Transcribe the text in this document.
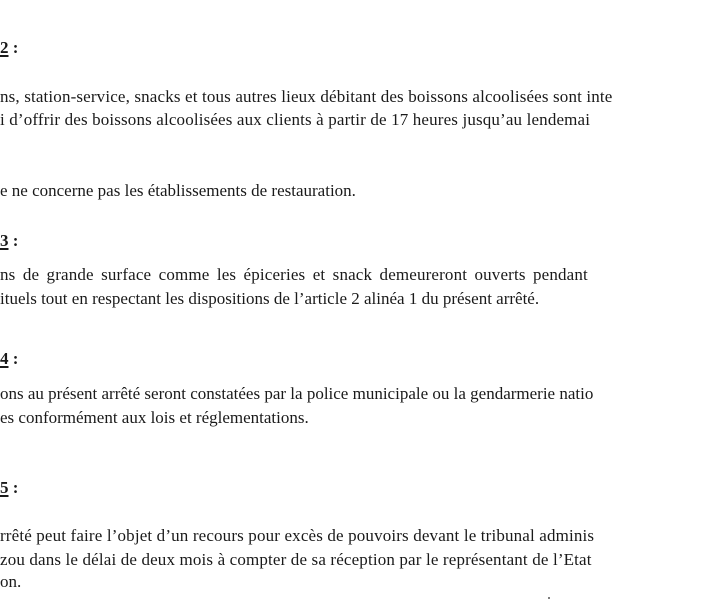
2 :
ns, station-service, snacks et tous autres lieux débitant des boissons alcoolisées sont inte
i d’offrir des boissons alcoolisées aux clients à partir de 17 heures jusqu’au lendemai
e ne concerne pas les établissements de restauration.
3 :
ns de grande surface comme les épiceries et snack demeureront ouverts pendant
ituels tout en respectant les dispositions de l’article 2 alinéa 1 du présent arrêté.
4 :
ons au présent arrêté seront constatées par la police municipale ou la gendarmerie natio
es conformément aux lois et réglementations.
5 :
rrêté peut faire l’objet d’un recours pour excès de pouvoirs devant le tribunal adminis
zou dans le délai de deux mois à compter de sa réception par le représentant de l’Etat
on.
